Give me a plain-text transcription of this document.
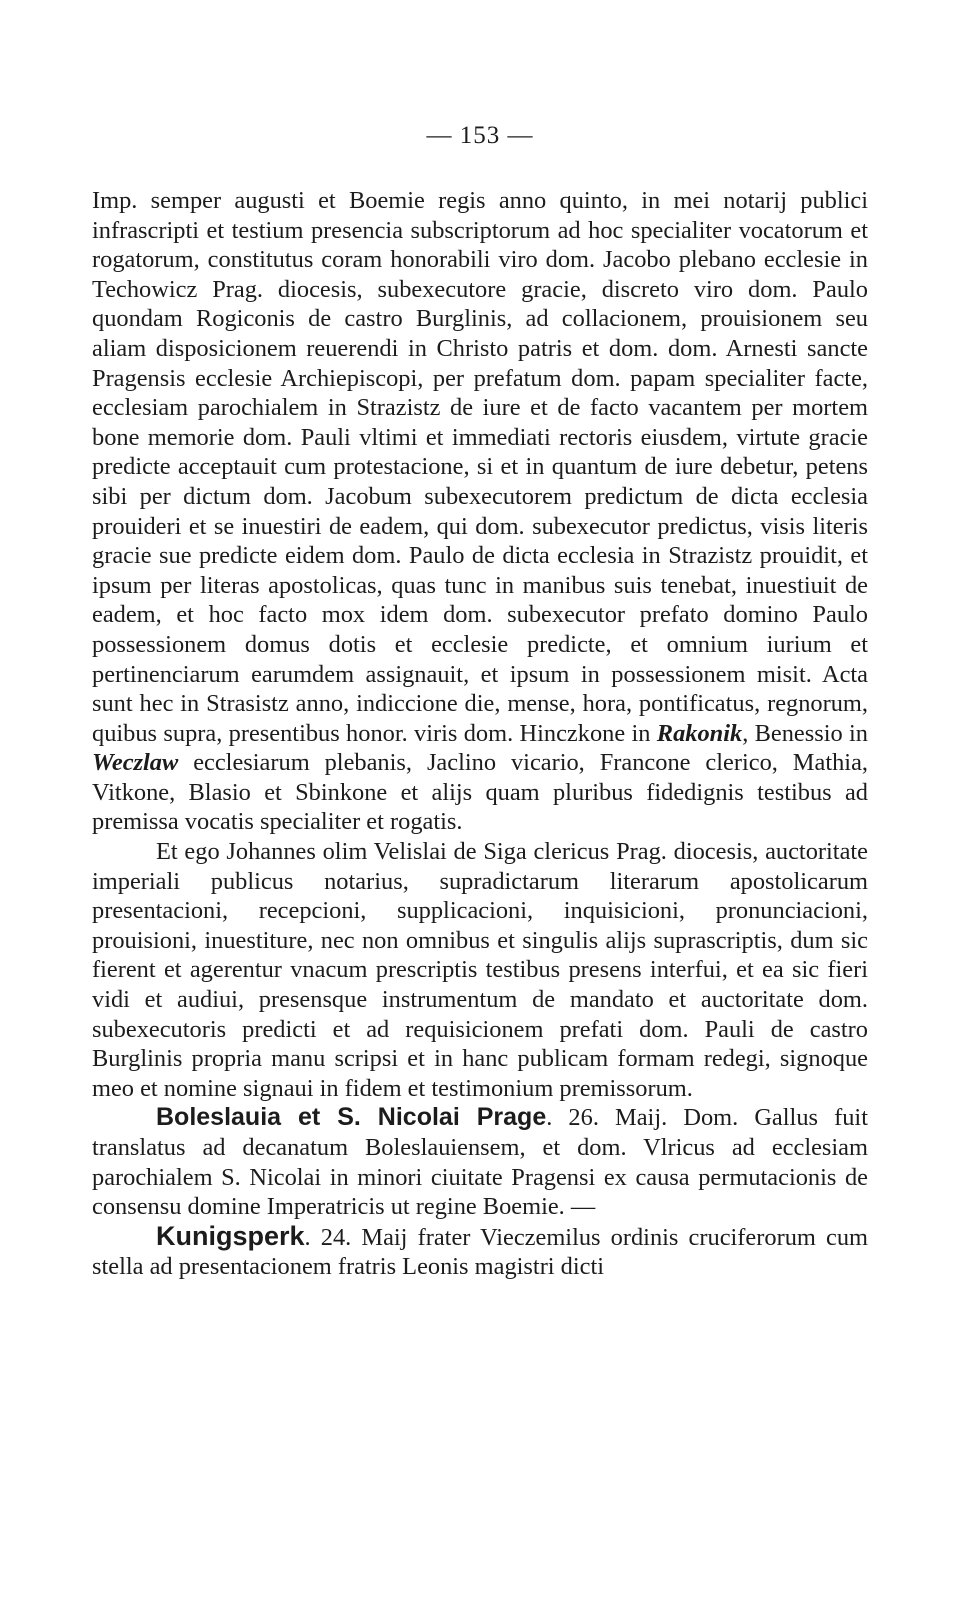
— 153 —

Imp. semper augusti et Boemie regis anno quinto, in mei notarij publici infrascripti et testium presencia subscriptorum ad hoc specialiter vocatorum et rogatorum, constitutus coram honorabili viro dom. Jacobo plebano ecclesie in Techowicz Prag. diocesis, subexecutore gracie, discreto viro dom. Paulo quondam Rogiconis de castro Burglinis, ad collacionem, prouisionem seu aliam disposicionem reuerendi in Christo patris et dom. dom. Arnesti sancte Pragensis ecclesie Archiepiscopi, per prefatum dom. papam specialiter facte, ecclesiam parochialem in Strazistz de iure et de facto vacantem per mortem bone memorie dom. Pauli vltimi et immediati rectoris eiusdem, virtute gracie predicte acceptauit cum protestacione, si et in quantum de iure debetur, petens sibi per dictum dom. Jacobum subexecutorem predictum de dicta ecclesia prouideri et se inuestiri de eadem, qui dom. subexecutor predictus, visis literis gracie sue predicte eidem dom. Paulo de dicta ecclesia in Strazistz prouidit, et ipsum per literas apostolicas, quas tunc in manibus suis tenebat, inuestiuit de eadem, et hoc facto mox idem dom. subexecutor prefato domino Paulo possessionem domus dotis et ecclesie predicte, et omnium iurium et pertinenciarum earumdem assignauit, et ipsum in possessionem misit. Acta sunt hec in Strasistz anno, indiccione die, mense, hora, pontificatus, regnorum, quibus supra, presentibus honor. viris dom. Hinczkone in Rakonik, Benessio in Weczlaw ecclesiarum plebanis, Jaclino vicario, Francone clerico, Mathia, Vitkone, Blasio et Sbinkone et alijs quam pluribus fidedignis testibus ad premissa vocatis specialiter et rogatis.

Et ego Johannes olim Velislai de Siga clericus Prag. diocesis, auctoritate imperiali publicus notarius, supradictarum literarum apostolicarum presentacioni, recepcioni, supplicacioni, inquisicioni, pronunciacioni, prouisioni, inuestiture, nec non omnibus et singulis alijs suprascriptis, dum sic fierent et agerentur vnacum prescriptis testibus presens interfui, et ea sic fieri vidi et audiui, presensque instrumentum de mandato et auctoritate dom. subexecutoris predicti et ad requisicionem prefati dom. Pauli de castro Burglinis propria manu scripsi et in hanc publicam formam redegi, signoque meo et nomine signaui in fidem et testimonium premissorum.

Boleslauia et S. Nicolai Prage. 26. Maij. Dom. Gallus fuit translatus ad decanatum Boleslauiensem, et dom. Vlricus ad ecclesiam parochialem S. Nicolai in minori ciuitate Pragensi ex causa permutacionis de consensu domine Imperatricis ut regine Boemie. —

Kunigsperk. 24. Maij frater Vieczemilus ordinis cruciferorum cum stella ad presentacionem fratris Leonis magistri dicti
